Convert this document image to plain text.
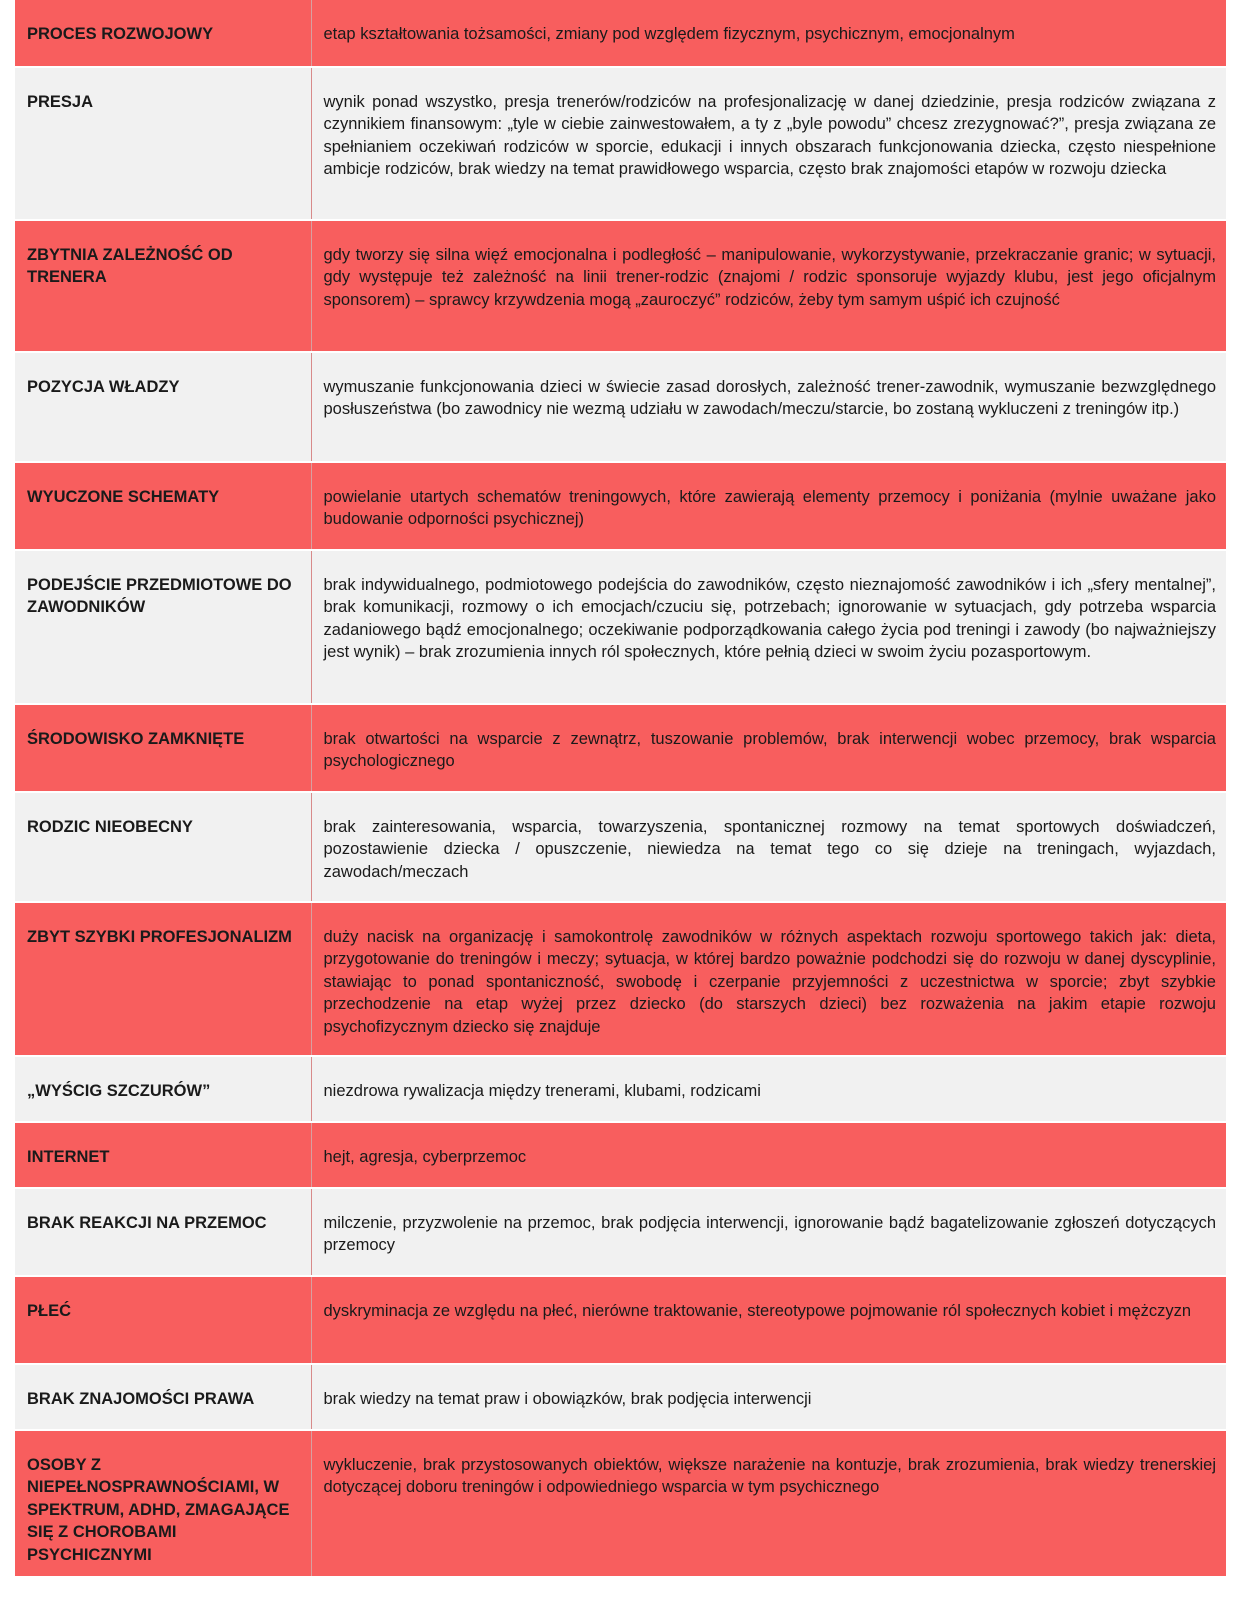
PROCES ROZWOJOWY	etap kształtowania tożsamości, zmiany pod względem fizycznym, psychicznym, emocjonalnym
PRESJA	wynik ponad wszystko, presja trenerów/rodziców na profesjonalizację w danej dziedzinie, presja rodziców związana z czynnikiem finansowym: „tyle w ciebie zainwestowałem, a ty z „byle powodu” chcesz zrezygnować?”, presja związana ze spełnianiem oczekiwań rodziców w sporcie, edukacji i innych obszarach funkcjonowania dziecka, często niespełnione ambicje rodziców, brak wiedzy na temat prawidłowego wsparcia, często brak znajomości etapów w rozwoju dziecka
ZBYTNIA ZALEŻNOŚĆ OD TRENERA	gdy tworzy się silna więź emocjonalna i podległość – manipulowanie, wykorzystywanie, przekraczanie granic; w sytuacji, gdy występuje też zależność na linii trener-rodzic (znajomi / rodzic sponsoruje wyjazdy klubu, jest jego oficjalnym sponsorem) – sprawcy krzywdzenia mogą „zauroczyć” rodziców, żeby tym samym uśpić ich czujność
POZYCJA WŁADZY	wymuszanie funkcjonowania dzieci w świecie zasad dorosłych, zależność trener-zawodnik, wymuszanie bezwzględnego posłuszeństwa (bo zawodnicy nie wezmą udziału w zawodach/meczu/starcie, bo zostaną wykluczeni z treningów itp.)
WYUCZONE SCHEMATY	powielanie utartych schematów treningowych, które zawierają elementy przemocy i poniżania (mylnie uważane jako budowanie odporności psychicznej)
PODEJŚCIE PRZEDMIOTOWE DO ZAWODNIKÓW	brak indywidualnego, podmiotowego podejścia do zawodników, często nieznajomość zawodników i ich „sfery mentalnej”, brak komunikacji, rozmowy o ich emocjach/czuciu się, potrzebach; ignorowanie w sytuacjach, gdy potrzeba wsparcia zadaniowego bądź emocjonalnego; oczekiwanie podporządkowania całego życia pod treningi i zawody (bo najważniejszy jest wynik) – brak zrozumienia innych ról społecznych, które pełnią dzieci w swoim życiu pozasportowym.
ŚRODOWISKO ZAMKNIĘTE	brak otwartości na wsparcie z zewnątrz, tuszowanie problemów, brak interwencji wobec przemocy, brak wsparcia psychologicznego
RODZIC NIEOBECNY	brak zainteresowania, wsparcia, towarzyszenia, spontanicznej rozmowy na temat sportowych doświadczeń, pozostawienie dziecka / opuszczenie, niewiedza na temat tego co się dzieje na treningach, wyjazdach, zawodach/meczach
ZBYT SZYBKI PROFESJONALIZM	duży nacisk na organizację i samokontrolę zawodników w różnych aspektach rozwoju sportowego takich jak: dieta, przygotowanie do treningów i meczy; sytuacja, w której bardzo poważnie podchodzi się do rozwoju w danej dyscyplinie, stawiając to ponad spontaniczność, swobodę i czerpanie przyjemności z uczestnictwa w sporcie; zbyt szybkie przechodzenie na etap wyżej przez dziecko (do starszych dzieci) bez rozważenia na jakim etapie rozwoju psychofizycznym dziecko się znajduje
„WYŚCIG SZCZURÓW”	niezdrowa rywalizacja między trenerami, klubami, rodzicami
INTERNET	hejt, agresja, cyberprzemoc
BRAK REAKCJI NA PRZEMOC	milczenie, przyzwolenie na przemoc, brak podjęcia interwencji, ignorowanie bądź bagatelizowanie zgłoszeń dotyczących przemocy
PŁEĆ	dyskryminacja ze względu na płeć, nierówne traktowanie, stereotypowe pojmowanie ról społecznych kobiet i mężczyzn
BRAK ZNAJOMOŚCI PRAWA	brak wiedzy na temat praw i obowiązków, brak podjęcia interwencji
OSOBY Z NIEPEŁNOSPRAWNOŚCIAMI, W SPEKTRUM, ADHD, ZMAGAJĄCE SIĘ Z CHOROBAMI PSYCHICZNYMI	wykluczenie, brak przystosowanych obiektów, większe narażenie na kontuzje, brak zrozumienia, brak wiedzy trenerskiej dotyczącej doboru treningów i odpowiedniego wsparcia w tym psychicznego
